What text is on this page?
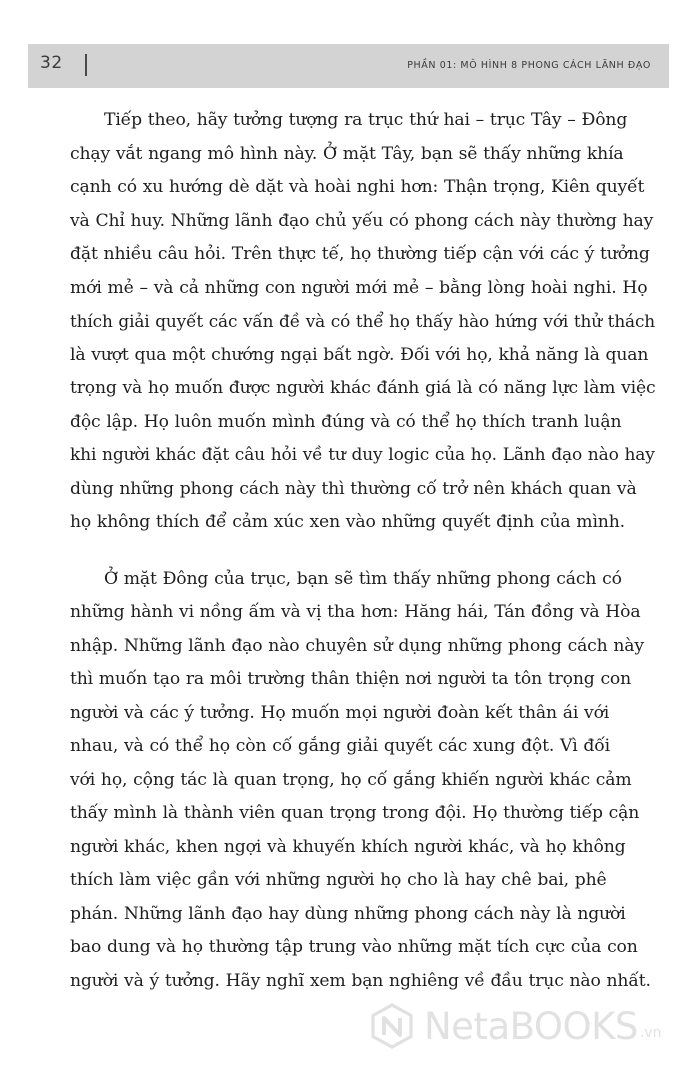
32	PHẦN 01: MÔ HÌNH 8 PHONG CÁCH LÃNH ĐẠO

Tiếp theo, hãy tưởng tượng ra trục thứ hai – trục Tây – Đông
chạy vắt ngang mô hình này. Ở mặt Tây, bạn sẽ thấy những khía
cạnh có xu hướng dè dặt và hoài nghi hơn: Thận trọng, Kiên quyết
và Chỉ huy. Những lãnh đạo chủ yếu có phong cách này thường hay
đặt nhiều câu hỏi. Trên thực tế, họ thường tiếp cận với các ý tưởng
mới mẻ – và cả những con người mới mẻ – bằng lòng hoài nghi. Họ
thích giải quyết các vấn đề và có thể họ thấy hào hứng với thử thách
là vượt qua một chướng ngại bất ngờ. Đối với họ, khả năng là quan
trọng và họ muốn được người khác đánh giá là có năng lực làm việc
độc lập. Họ luôn muốn mình đúng và có thể họ thích tranh luận
khi người khác đặt câu hỏi về tư duy logic của họ. Lãnh đạo nào hay
dùng những phong cách này thì thường cố trở nên khách quan và
họ không thích để cảm xúc xen vào những quyết định của mình.

Ở mặt Đông của trục, bạn sẽ tìm thấy những phong cách có
những hành vi nồng ấm và vị tha hơn: Hăng hái, Tán đồng và Hòa
nhập. Những lãnh đạo nào chuyên sử dụng những phong cách này
thì muốn tạo ra môi trường thân thiện nơi người ta tôn trọng con
người và các ý tưởng. Họ muốn mọi người đoàn kết thân ái với
nhau, và có thể họ còn cố gắng giải quyết các xung đột. Vì đối
với họ, cộng tác là quan trọng, họ cố gắng khiến người khác cảm
thấy mình là thành viên quan trọng trong đội. Họ thường tiếp cận
người khác, khen ngợi và khuyến khích người khác, và họ không
thích làm việc gần với những người họ cho là hay chê bai, phê
phán. Những lãnh đạo hay dùng những phong cách này là người
bao dung và họ thường tập trung vào những mặt tích cực của con
người và ý tưởng. Hãy nghĩ xem bạn nghiêng về đầu trục nào nhất.

NetaBOOKS .vn
